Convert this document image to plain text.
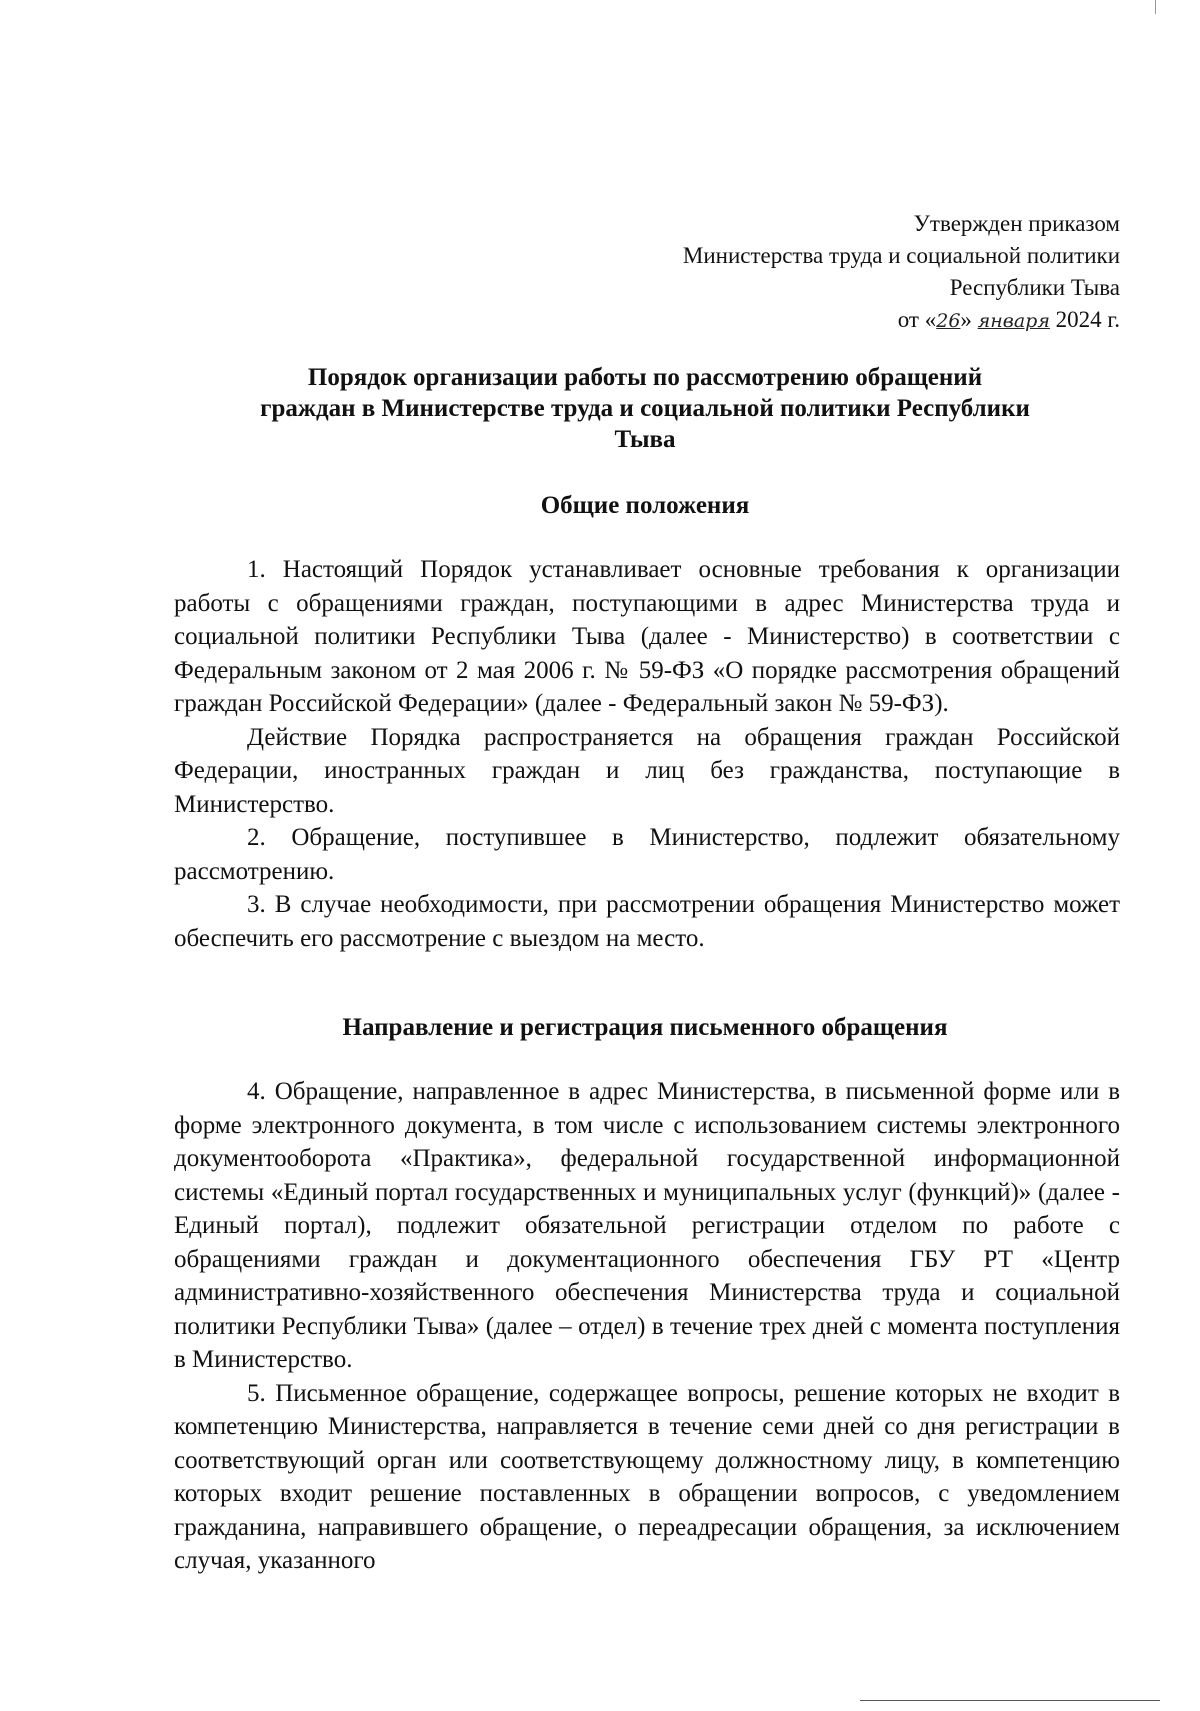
Утвержден приказом
Министерства труда и социальной политики
Республики Тыва
от «26» января 2024 г.
Порядок организации работы по рассмотрению обращений
граждан в Министерстве труда и социальной политики Республики
Тыва
Общие положения

1. Настоящий Порядок устанавливает основные требования к организации работы с обращениями граждан, поступающими в адрес Министерства труда и социальной политики Республики Тыва (далее - Министерство) в соответствии с Федеральным законом от 2 мая 2006 г. № 59-ФЗ «О порядке рассмотрения обращений граждан Российской Федерации» (далее - Федеральный закон № 59-ФЗ).

Действие Порядка распространяется на обращения граждан Российской Федерации, иностранных граждан и лиц без гражданства, поступающие в Министерство.

2. Обращение, поступившее в Министерство, подлежит обязательному рассмотрению.

3. В случае необходимости, при рассмотрении обращения Министерство может обеспечить его рассмотрение с выездом на место.

Направление и регистрация письменного обращения

4. Обращение, направленное в адрес Министерства, в письменной форме или в форме электронного документа, в том числе с использованием системы электронного документооборота «Практика», федеральной государственной информационной системы «Единый портал государственных и муниципальных услуг (функций)» (далее - Единый портал), подлежит обязательной регистрации отделом по работе с обращениями граждан и документационного обеспечения ГБУ РТ «Центр административно-хозяйственного обеспечения Министерства труда и социальной политики Республики Тыва» (далее – отдел) в течение трех дней с момента поступления в Министерство.

5. Письменное обращение, содержащее вопросы, решение которых не входит в компетенцию Министерства, направляется в течение семи дней со дня регистрации в соответствующий орган или соответствующему должностному лицу, в компетенцию которых входит решение поставленных в обращении вопросов, с уведомлением гражданина, направившего обращение, о переадресации обращения, за исключением случая, указанного
